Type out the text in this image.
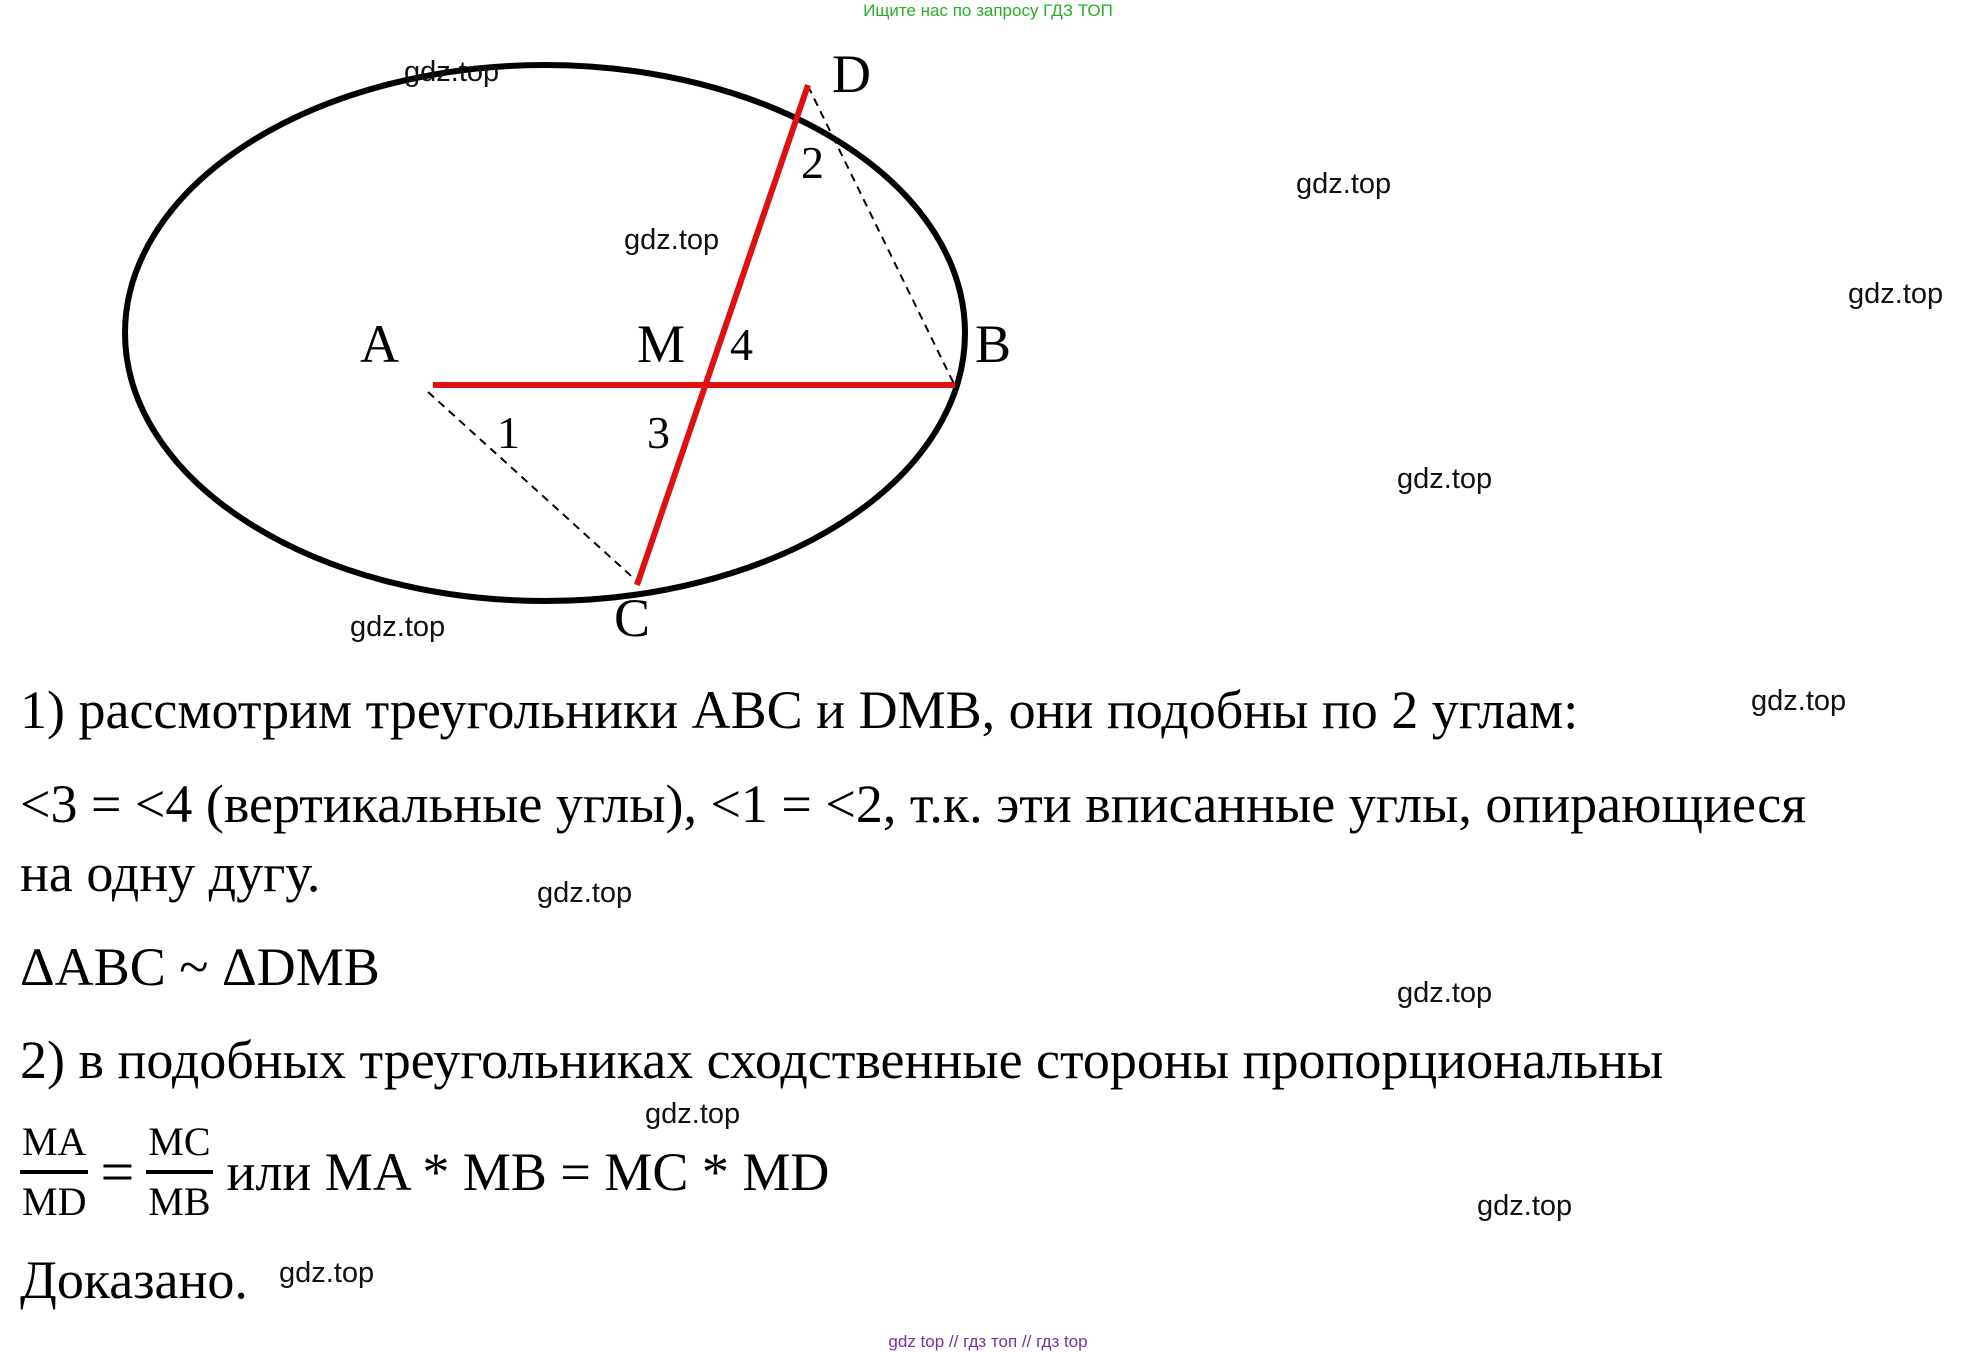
Ищите нас по запросу ГДЗ ТОП
A	B
C
D
M
1
2
3
4
gdz.top
gdz.top
gdz.top
gdz.top
gdz.top
gdz.top
gdz.top
gdz.top
gdz.top
gdz.top
gdz.top
gdz.top
1) рассмотрим треугольники АВС и DMB, они подобны по 2 углам:
<3 = <4 (вертикальные углы), <1 = <2, т.к. эти вписанные углы, опирающиеся
на одну дугу.
ΔABC ~ ΔDMB
2) в подобных треугольниках сходственные стороны пропорциональны
$\frac{MA}{MD} = \frac{MC}{MB}$ или MA * MB = MC * MD
Доказано.
gdz top // гдз топ // гдз top
